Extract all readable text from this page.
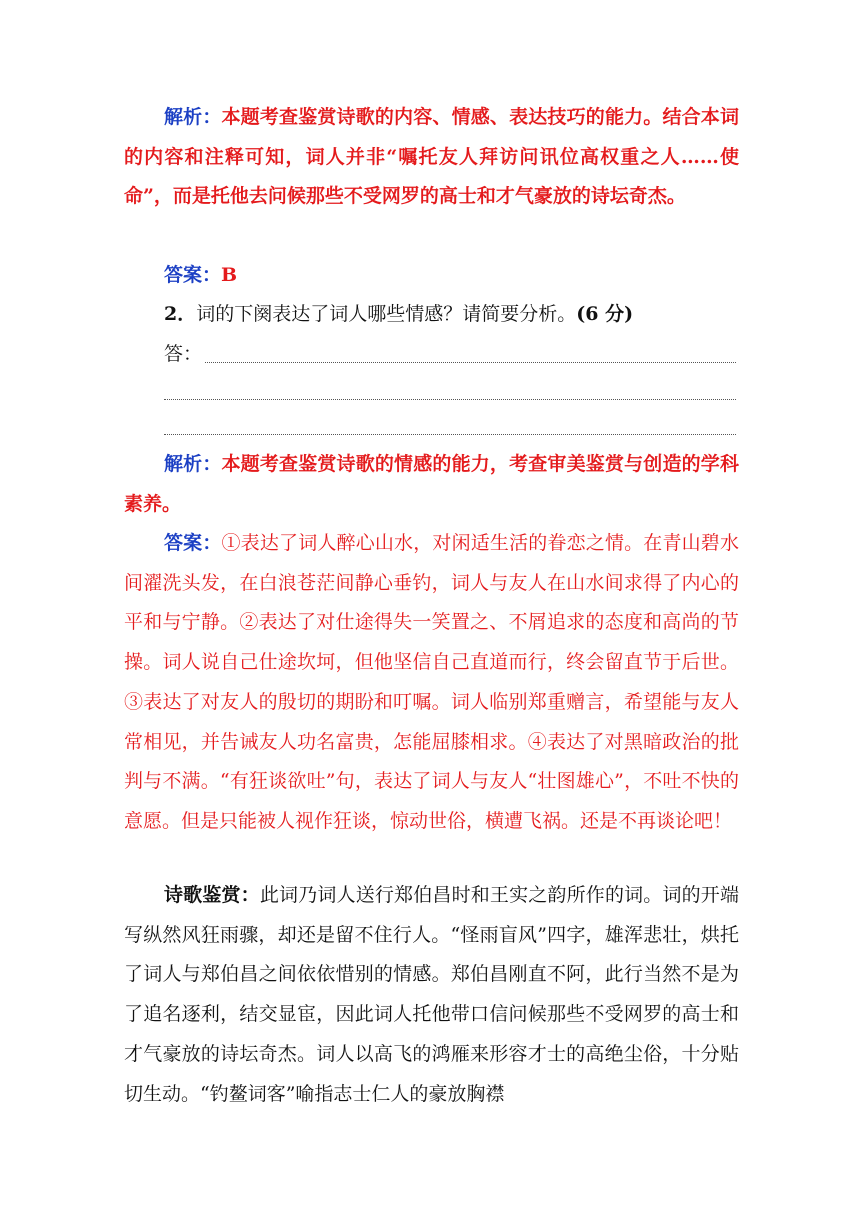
解析：本题考查鉴赏诗歌的内容、情感、表达技巧的能力。结合本词的内容和注释可知，词人并非“嘱托友人拜访问讯位高权重之人……使命”，而是托他去问候那些不受网罗的高士和才气豪放的诗坛奇杰。
答案：B
2．词的下阕表达了词人哪些情感？请简要分析。(6 分)
答：
解析：本题考查鉴赏诗歌的情感的能力，考查审美鉴赏与创造的学科素养。
答案：①表达了词人醉心山水，对闲适生活的眷恋之情。在青山碧水间濯洗头发，在白浪苍茫间静心垂钓，词人与友人在山水间求得了内心的平和与宁静。②表达了对仕途得失一笑置之、不屑追求的态度和高尚的节操。词人说自己仕途坎坷，但他坚信自己直道而行，终会留直节于后世。③表达了对友人的殷切的期盼和叮嘱。词人临别郑重赠言，希望能与友人常相见，并告诫友人功名富贵，怎能屈膝相求。④表达了对黑暗政治的批判与不满。“有狂谈欲吐”句，表达了词人与友人“壮图雄心”，不吐不快的意愿。但是只能被人视作狂谈，惊动世俗，横遭飞祸。还是不再谈论吧！
诗歌鉴赏：此词乃词人送行郑伯昌时和王实之韵所作的词。词的开端写纵然风狂雨骤，却还是留不住行人。“怪雨盲风”四字，雄浑悲壮，烘托了词人与郑伯昌之间依依惜别的情感。郑伯昌刚直不阿，此行当然不是为了追名逐利，结交显宦，因此词人托他带口信问候那些不受网罗的高士和才气豪放的诗坛奇杰。词人以高飞的鸿雁来形容才士的高绝尘俗，十分贴切生动。“钓鳌词客”喻指志士仁人的豪放胸襟
